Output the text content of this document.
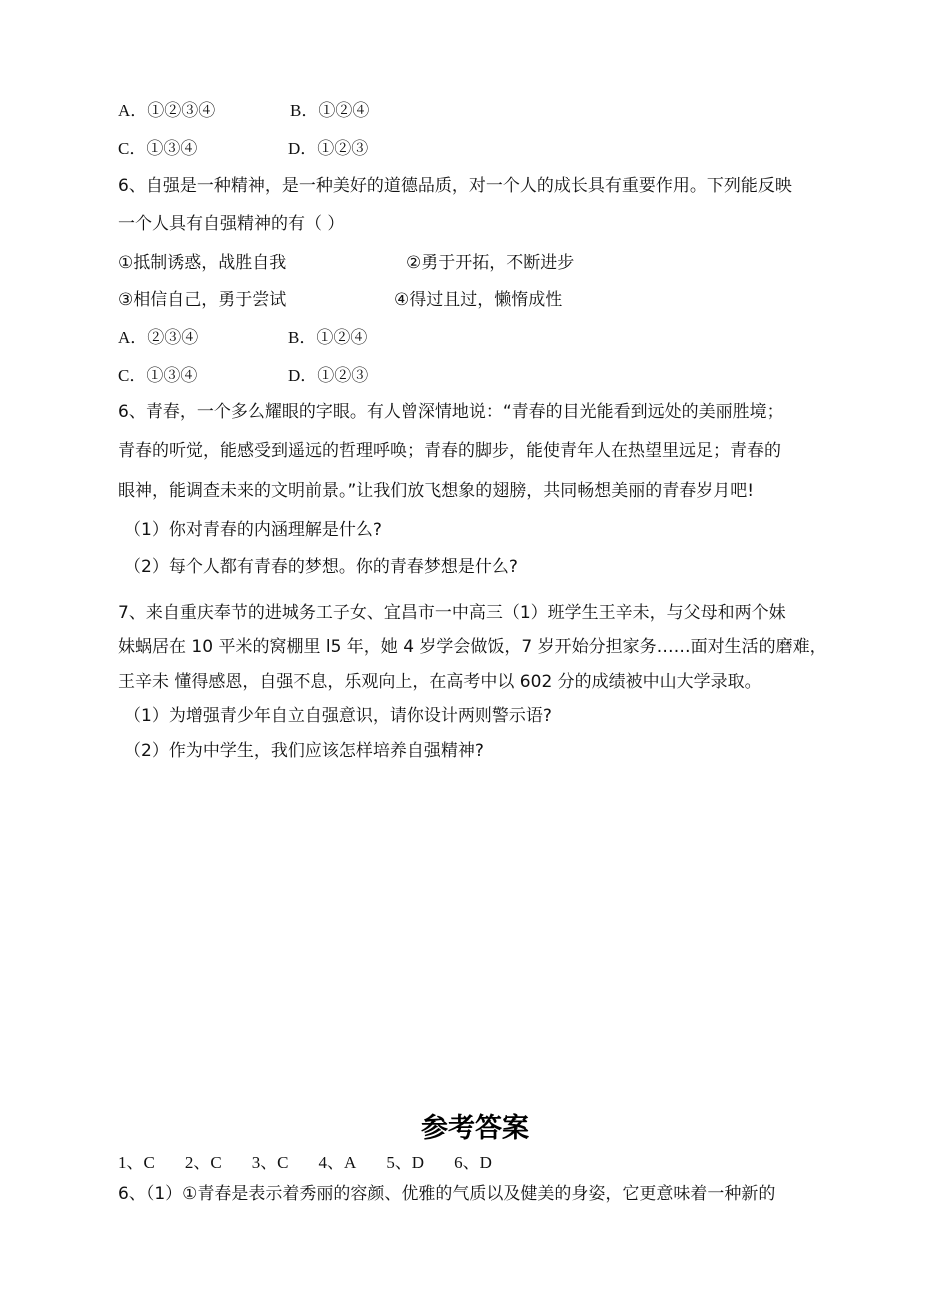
A．①②③④	B．①②④
C．①③④	D．①②③
6、自强是一种精神，是一种美好的道德品质，对一个人的成长具有重要作用。下列能反映
一个人具有自强精神的有（ ）
①抵制诱惑，战胜自我	②勇于开拓，不断进步
③相信自己，勇于尝试	④得过且过，懒惰成性
A．②③④	B．①②④
C．①③④	D．①②③
6、青春，一个多么耀眼的字眼。有人曾深情地说：“青春的目光能看到远处的美丽胜境；
青春的听觉，能感受到遥远的哲理呼唤；青春的脚步，能使青年人在热望里远足；青春的
眼神，能调查未来的文明前景。”让我们放飞想象的翅膀，共同畅想美丽的青春岁月吧!
（1）你对青春的内涵理解是什么?
（2）每个人都有青春的梦想。你的青春梦想是什么?
7、来自重庆奉节的进城务工子女、宜昌市一中高三（1）班学生王辛未，与父母和两个妹
妹蜗居在 10 平米的窝棚里 l5 年，她 4 岁学会做饭，7 岁开始分担家务……面对生活的磨难，
王辛未 懂得感恩，自强不息，乐观向上，在高考中以 602 分的成绩被中山大学录取。
（1）为增强青少年自立自强意识，请你设计两则警示语?
（2）作为中学生，我们应该怎样培养自强精神?
参考答案
1、C 2、C 3、C 4、A 5、D 6、D
6、（1）①青春是表示着秀丽的容颜、优雅的气质以及健美的身姿，它更意味着一种新的
